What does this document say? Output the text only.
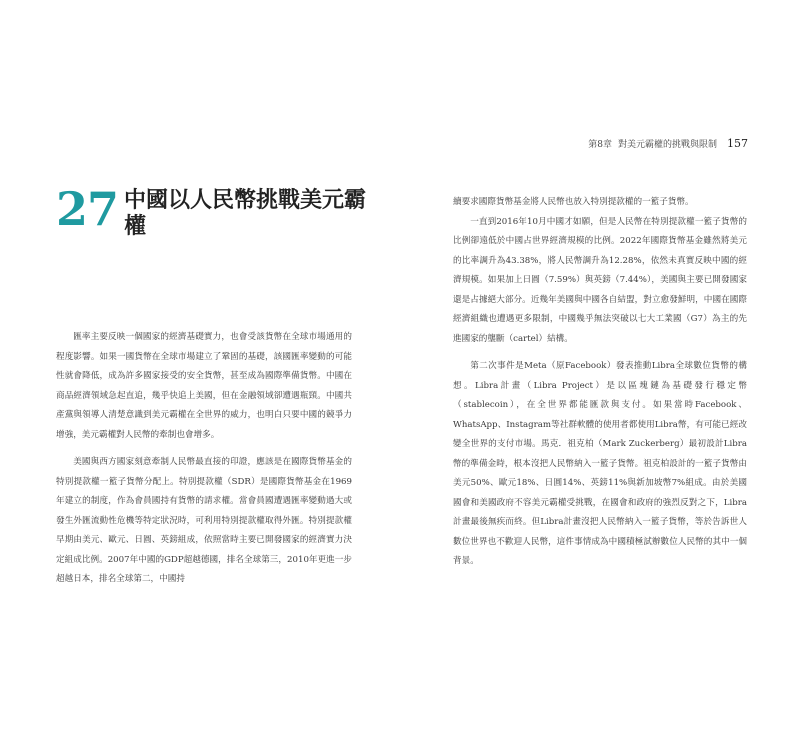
第8章 對美元霸權的挑戰與限制 157
27 中國以人民幣挑戰美元霸權

匯率主要反映一個國家的經濟基礎實力，也會受該貨幣在全球市場通用的程度影響。如果一國貨幣在全球市場建立了鞏固的基礎，該國匯率變動的可能性就會降低，成為許多國家接受的安全貨幣，甚至成為國際準備貨幣。中國在商品經濟領域急起直追，幾乎快追上美國，但在金融領域卻遭遇瓶頸。中國共產黨與領導人清楚意識到美元霸權在全世界的威力，也明白只要中國的競爭力增強，美元霸權對人民幣的牽制也會增多。

美國與西方國家刻意牽制人民幣最直接的印證，應該是在國際貨幣基金的特別提款權一籃子貨幣分配上。特別提款權（SDR）是國際貨幣基金在1969年建立的制度，作為會員國持有貨幣的請求權。當會員國遭遇匯率變動過大或發生外匯流動性危機等特定狀況時，可利用特別提款權取得外匯。特別提款權早期由美元、歐元、日圓、英鎊組成，依照當時主要已開發國家的經濟實力決定組成比例。2007年中國的GDP超越德國，排名全球第三，2010年更進一步超越日本，排名全球第二，中國持

續要求國際貨幣基金將人民幣也放入特別提款權的一籃子貨幣。

一直到2016年10月中國才如願，但是人民幣在特別提款權一籃子貨幣的比例卻遠低於中國占世界經濟規模的比例。2022年國際貨幣基金雖然將美元的比率調升為43.38%，將人民幣調升為12.28%，依然未真實反映中國的經濟規模。如果加上日圓（7.59%）與英鎊（7.44%），美國與主要已開發國家還是占據絕大部分。近幾年美國與中國各自結盟，對立愈發鮮明，中國在國際經濟組織也遭遇更多限制，中國幾乎無法突破以七大工業國（G7）為主的先進國家的壟斷（cartel）結構。

第二次事件是Meta（原Facebook）發表推動Libra全球數位貨幣的構想。Libra計畫（Libra Project）是以區塊鏈為基礎發行穩定幣（stablecoin），在全世界都能匯款與支付。如果當時Facebook、WhatsApp、Instagram等社群軟體的使用者都使用Libra幣，有可能已經改變全世界的支付市場。馬克．祖克柏（Mark Zuckerberg）最初設計Libra幣的準備金時，根本沒把人民幣納入一籃子貨幣。祖克柏設計的一籃子貨幣由美元50%、歐元18%、日圓14%、英鎊11%與新加坡幣7%組成。由於美國國會和美國政府不容美元霸權受挑戰，在國會和政府的強烈反對之下，Libra計畫最後無疾而終。但Libra計畫沒把人民幣納入一籃子貨幣，等於告訴世人數位世界也不歡迎人民幣，這件事情成為中國積極試辦數位人民幣的其中一個背景。
